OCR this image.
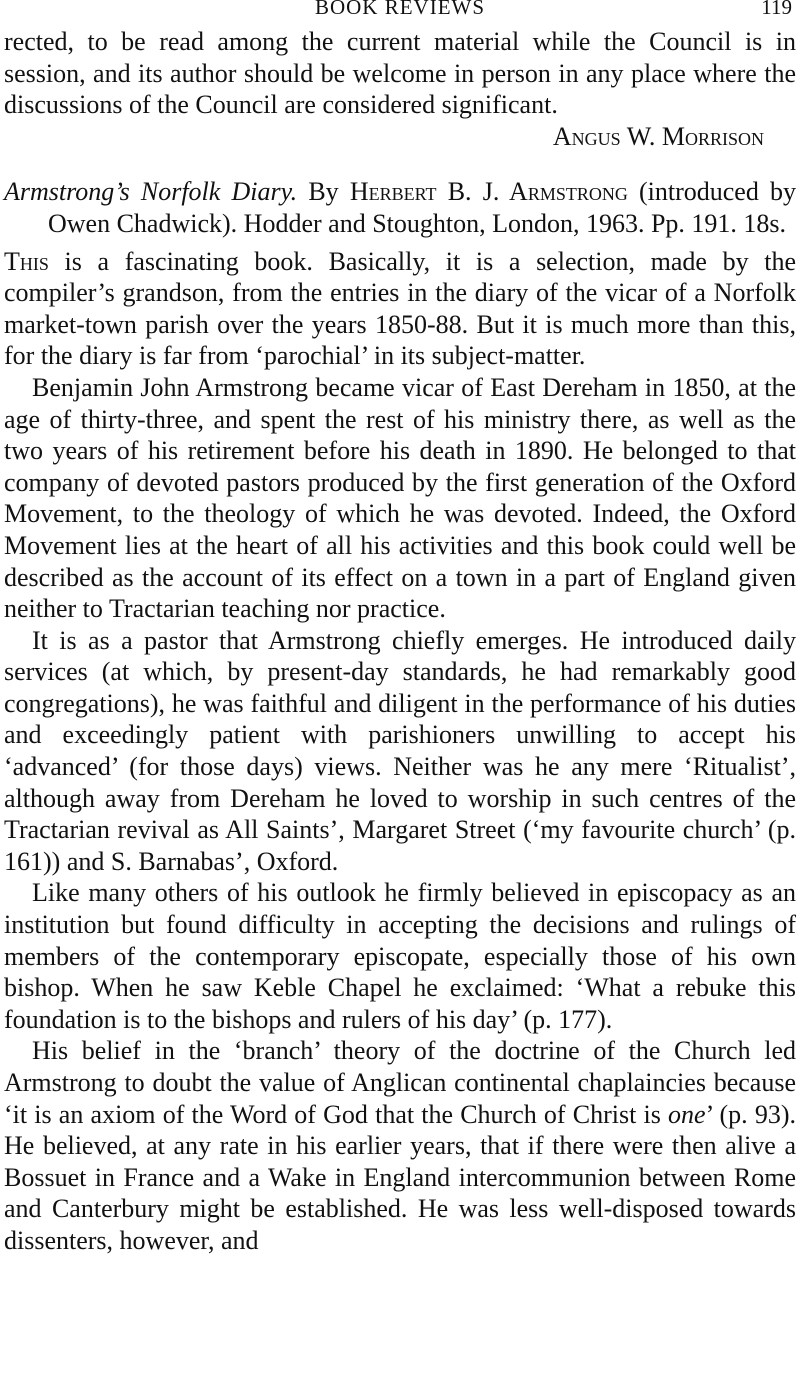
BOOK REVIEWS	119

rected, to be read among the current material while the Council is in session, and its author should be welcome in person in any place where the discussions of the Council are considered significant.

Angus W. Morrison

Armstrong’s Norfolk Diary. By Herbert B. J. Armstrong (introduced by Owen Chadwick). Hodder and Stoughton, London, 1963. Pp. 191. 18s.

This is a fascinating book. Basically, it is a selection, made by the compiler’s grandson, from the entries in the diary of the vicar of a Norfolk market-town parish over the years 1850-88. But it is much more than this, for the diary is far from ‘parochial’ in its subject-matter.

Benjamin John Armstrong became vicar of East Dereham in 1850, at the age of thirty-three, and spent the rest of his ministry there, as well as the two years of his retirement before his death in 1890. He belonged to that company of devoted pastors produced by the first generation of the Oxford Movement, to the theology of which he was devoted. Indeed, the Oxford Movement lies at the heart of all his activities and this book could well be described as the account of its effect on a town in a part of England given neither to Tractarian teaching nor practice.

It is as a pastor that Armstrong chiefly emerges. He introduced daily services (at which, by present-day standards, he had remarkably good congregations), he was faithful and diligent in the performance of his duties and exceedingly patient with parishioners unwilling to accept his ‘advanced’ (for those days) views. Neither was he any mere ‘Ritualist’, although away from Dereham he loved to worship in such centres of the Tractarian revival as All Saints’, Margaret Street (‘my favourite church’ (p. 161)) and S. Barnabas’, Oxford.

Like many others of his outlook he firmly believed in episcopacy as an institution but found difficulty in accepting the decisions and rulings of members of the contemporary episcopate, especially those of his own bishop. When he saw Keble Chapel he exclaimed: ‘What a rebuke this foundation is to the bishops and rulers of his day’ (p. 177).

His belief in the ‘branch’ theory of the doctrine of the Church led Armstrong to doubt the value of Anglican continental chaplaincies because ‘it is an axiom of the Word of God that the Church of Christ is one’ (p. 93). He believed, at any rate in his earlier years, that if there were then alive a Bossuet in France and a Wake in England intercommunion between Rome and Canterbury might be established. He was less well-disposed towards dissenters, however, and
